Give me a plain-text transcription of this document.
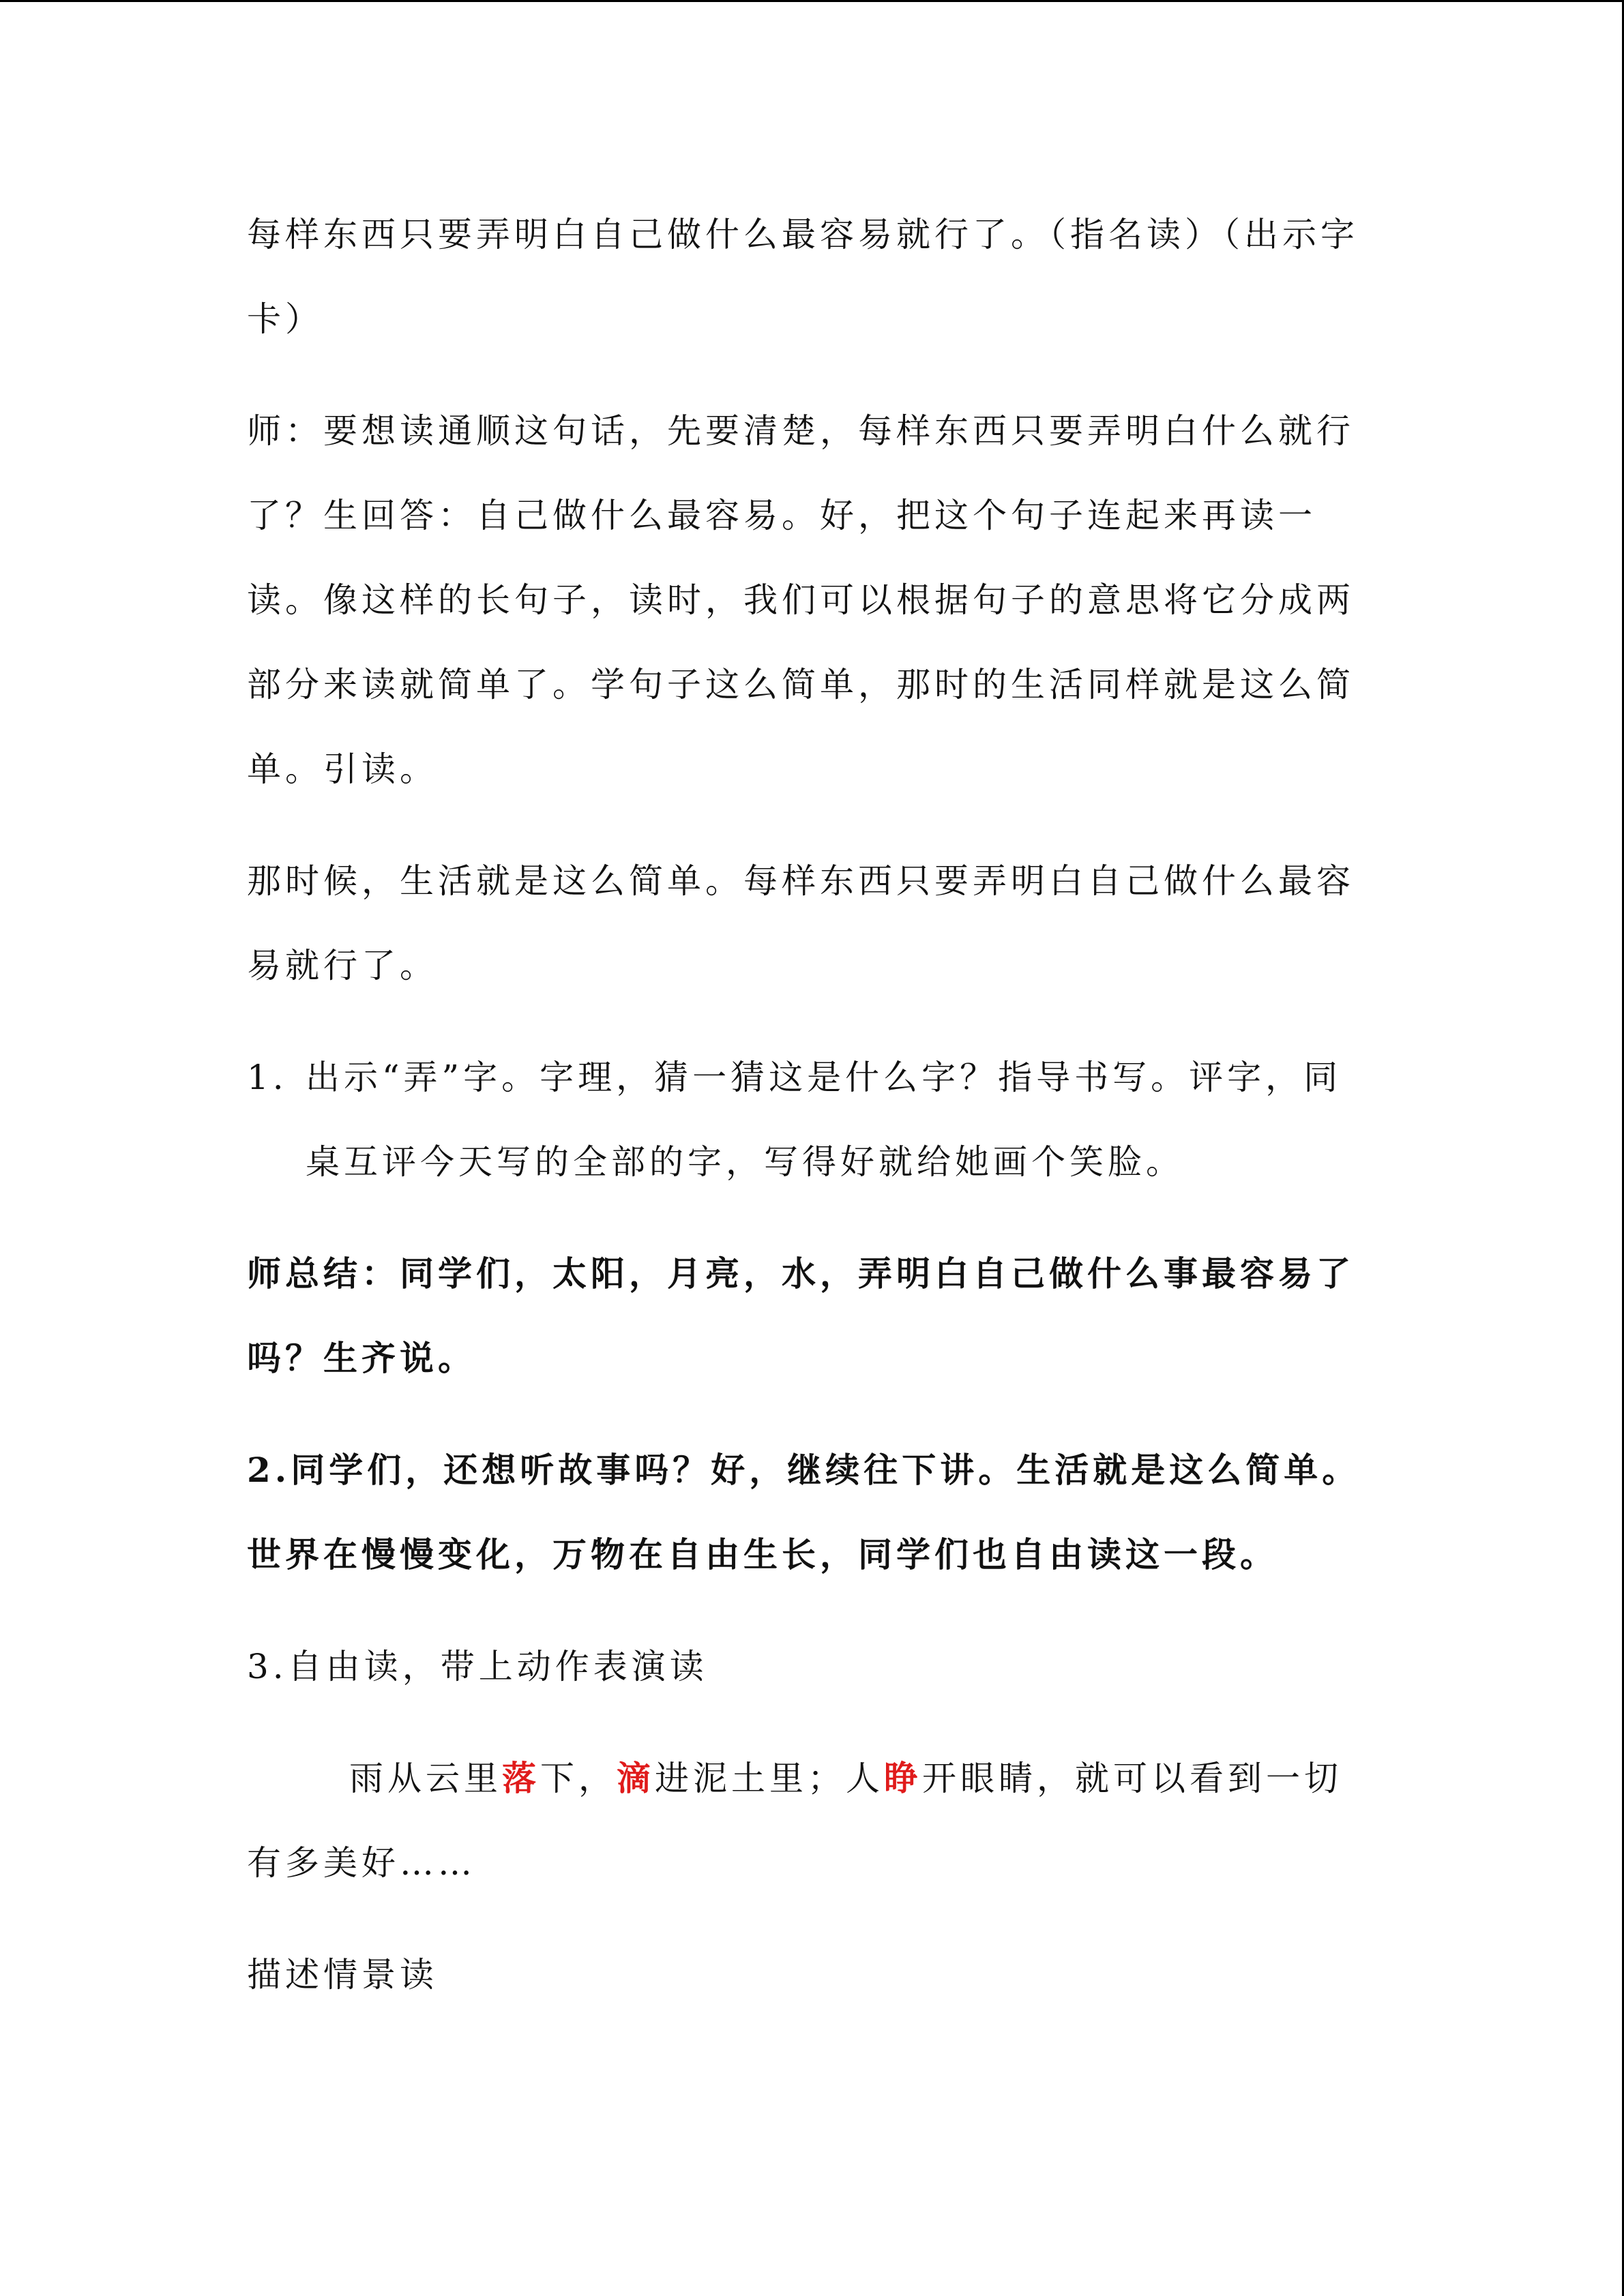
每样东西只要弄明白自己做什么最容易就行了。（指名读）（出示字卡）

师：要想读通顺这句话，先要清楚，每样东西只要弄明白什么就行了？生回答：自己做什么最容易。好，把这个句子连起来再读一读。像这样的长句子，读时，我们可以根据句子的意思将它分成两部分来读就简单了。学句子这么简单，那时的生活同样就是这么简单。引读。

那时候，生活就是这么简单。每样东西只要弄明白自己做什么最容易就行了。

1. 出示“弄”字。字理，猜一猜这是什么字？指导书写。评字，同桌互评今天写的全部的字，写得好就给她画个笑脸。

师总结：同学们，太阳，月亮，水，弄明白自己做什么事最容易了吗？生齐说。

2.同学们，还想听故事吗？好，继续往下讲。生活就是这么简单。世界在慢慢变化，万物在自由生长，同学们也自由读这一段。

3.自由读，带上动作表演读

雨从云里落下，滴进泥土里；人睁开眼睛，就可以看到一切有多美好……

描述情景读
